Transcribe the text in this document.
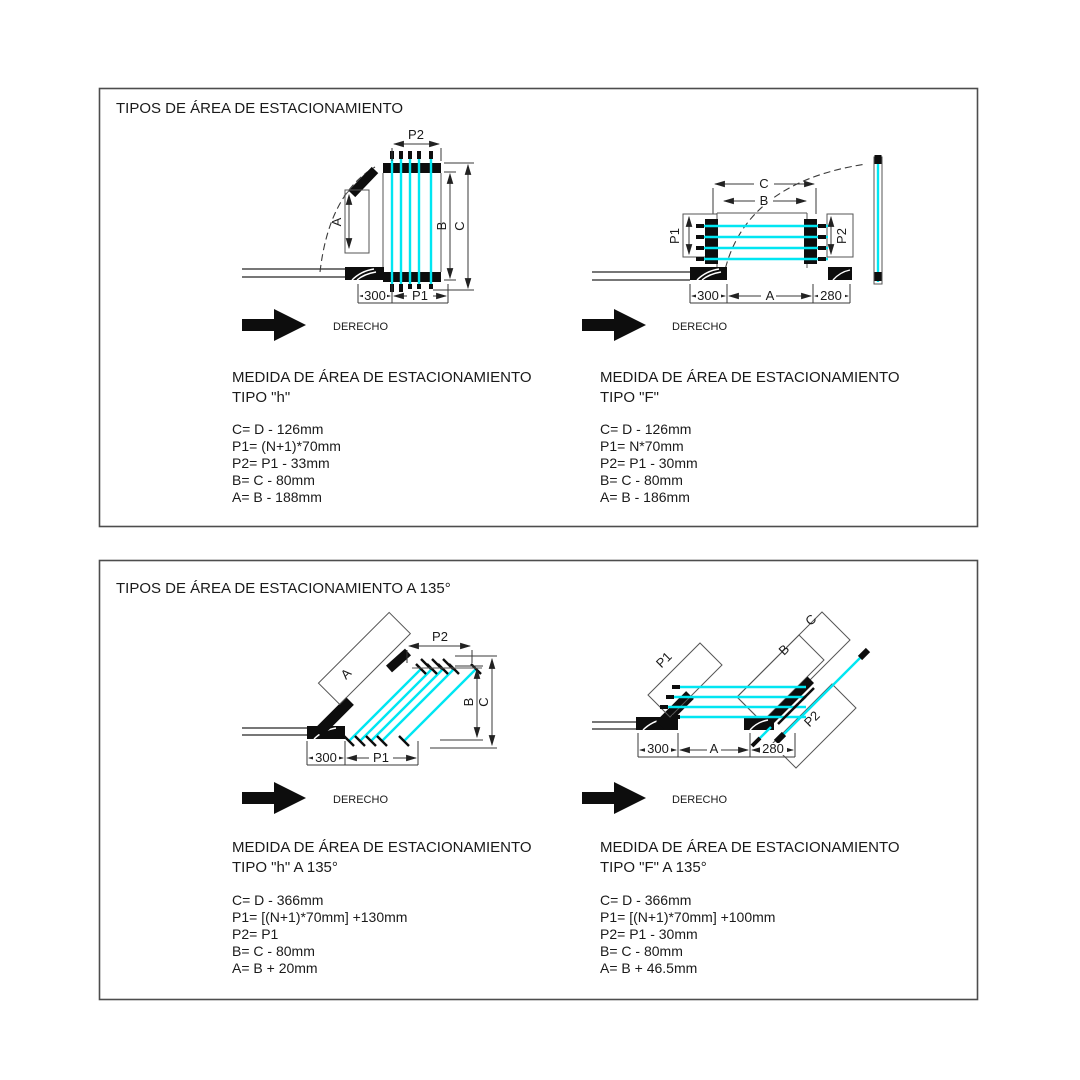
TIPOS DE ÁREA DE ESTACIONAMIENTO
A
P2
B C
300 P1
C
B
P1	P2
300	A	280
DERECHO
MEDIDA DE ÁREA DE ESTACIONAMIENTO
TIPO "h"
C= D - 126mm
P1= (N+1)*70mm
P2= P1 - 33mm
B= C - 80mm
A= B - 188mm
DERECHO
MEDIDA DE ÁREA DE ESTACIONAMIENTO
TIPO "F"
C= D - 126mm
P1= N*70mm
P2= P1 - 30mm
B= C - 80mm
A= B - 186mm
TIPOS DE ÁREA DE ESTACIONAMIENTO A 135°
A
P2
B C
300	P1
P1
C
B
P2
300	A	280
DERECHO
MEDIDA DE ÁREA DE ESTACIONAMIENTO
TIPO "h" A 135°
C= D - 366mm
P1= [(N+1)*70mm] +130mm
P2= P1
B= C - 80mm
A= B + 20mm
DERECHO
MEDIDA DE ÁREA DE ESTACIONAMIENTO
TIPO "F" A 135°
C= D - 366mm
P1= [(N+1)*70mm] +100mm
P2= P1 - 30mm
B= C - 80mm
A= B + 46.5mm
